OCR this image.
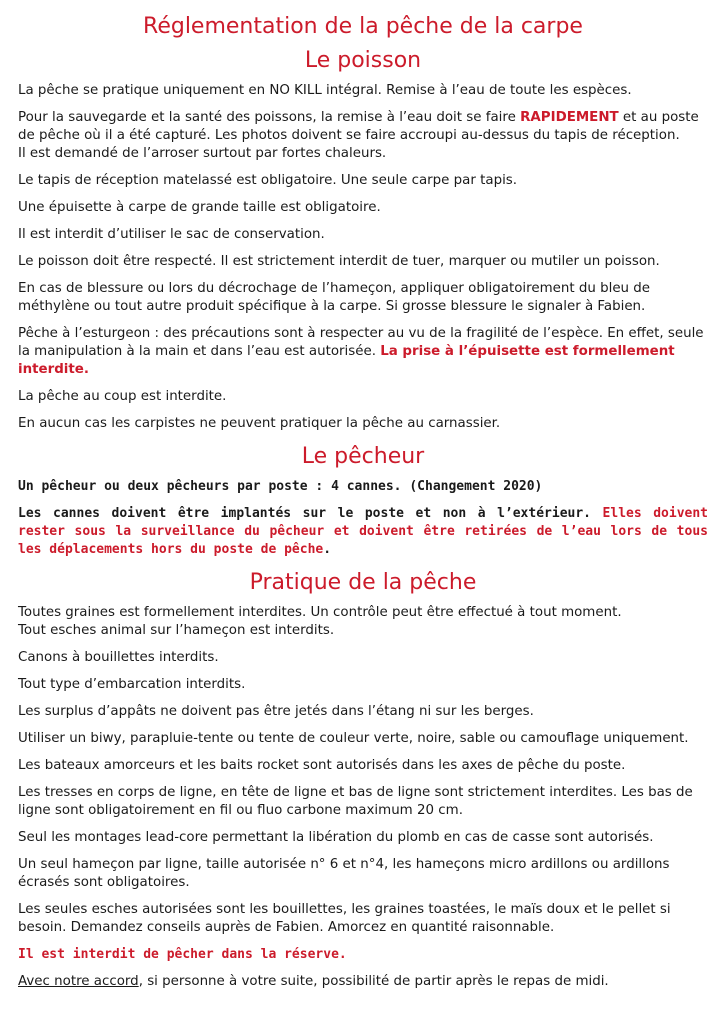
Réglementation de la pêche de la carpe
Le poisson

La pêche se pratique uniquement en NO KILL intégral. Remise à l’eau de toute les espèces.

Pour la sauvegarde et la santé des poissons, la remise à l’eau doit se faire RAPIDEMENT et au poste de pêche où il a été capturé. Les photos doivent se faire accroupi au-dessus du tapis de réception.
Il est demandé de l’arroser surtout par fortes chaleurs.

Le tapis de réception matelassé est obligatoire. Une seule carpe par tapis.

Une épuisette à carpe de grande taille est obligatoire.

Il est interdit d’utiliser le sac de conservation.

Le poisson doit être respecté. Il est strictement interdit de tuer, marquer ou mutiler un poisson.

En cas de blessure ou lors du décrochage de l’hameçon, appliquer obligatoirement du bleu de méthylène ou tout autre produit spécifique à la carpe. Si grosse blessure le signaler à Fabien.

Pêche à l’esturgeon : des précautions sont à respecter au vu de la fragilité de l’espèce. En effet, seule la manipulation à la main et dans l’eau est autorisée. La prise à l’épuisette est formellement interdite.

La pêche au coup est interdite.

En aucun cas les carpistes ne peuvent pratiquer la pêche au carnassier.

Le pêcheur

Un pêcheur ou deux pêcheurs par poste : 4 cannes. (Changement 2020)

Les cannes doivent être implantés sur le poste et non à l’extérieur. Elles doivent rester sous la surveillance du pêcheur et doivent être retirées de l’eau lors de tous les déplacements hors du poste de pêche.

Pratique de la pêche

Toutes graines est formellement interdites. Un contrôle peut être effectué à tout moment.
Tout esches animal sur l’hameçon est interdits.

Canons à bouillettes interdits.

Tout type d’embarcation interdits.

Les surplus d’appâts ne doivent pas être jetés dans l’étang ni sur les berges.

Utiliser un biwy, parapluie-tente ou tente de couleur verte, noire, sable ou camouflage uniquement.

Les bateaux amorceurs et les baits rocket sont autorisés dans les axes de pêche du poste.

Les tresses en corps de ligne, en tête de ligne et bas de ligne sont strictement interdites. Les bas de ligne sont obligatoirement en fil ou fluo carbone maximum 20 cm.

Seul les montages lead-core permettant la libération du plomb en cas de casse sont autorisés.

Un seul hameçon par ligne, taille autorisée n° 6 et n°4, les hameçons micro ardillons ou ardillons écrasés sont obligatoires.

Les seules esches autorisées sont les bouillettes, les graines toastées, le maïs doux et le pellet si besoin. Demandez conseils auprès de Fabien. Amorcez en quantité raisonnable.

Il est interdit de pêcher dans la réserve.

Avec notre accord, si personne à votre suite, possibilité de partir après le repas de midi.
